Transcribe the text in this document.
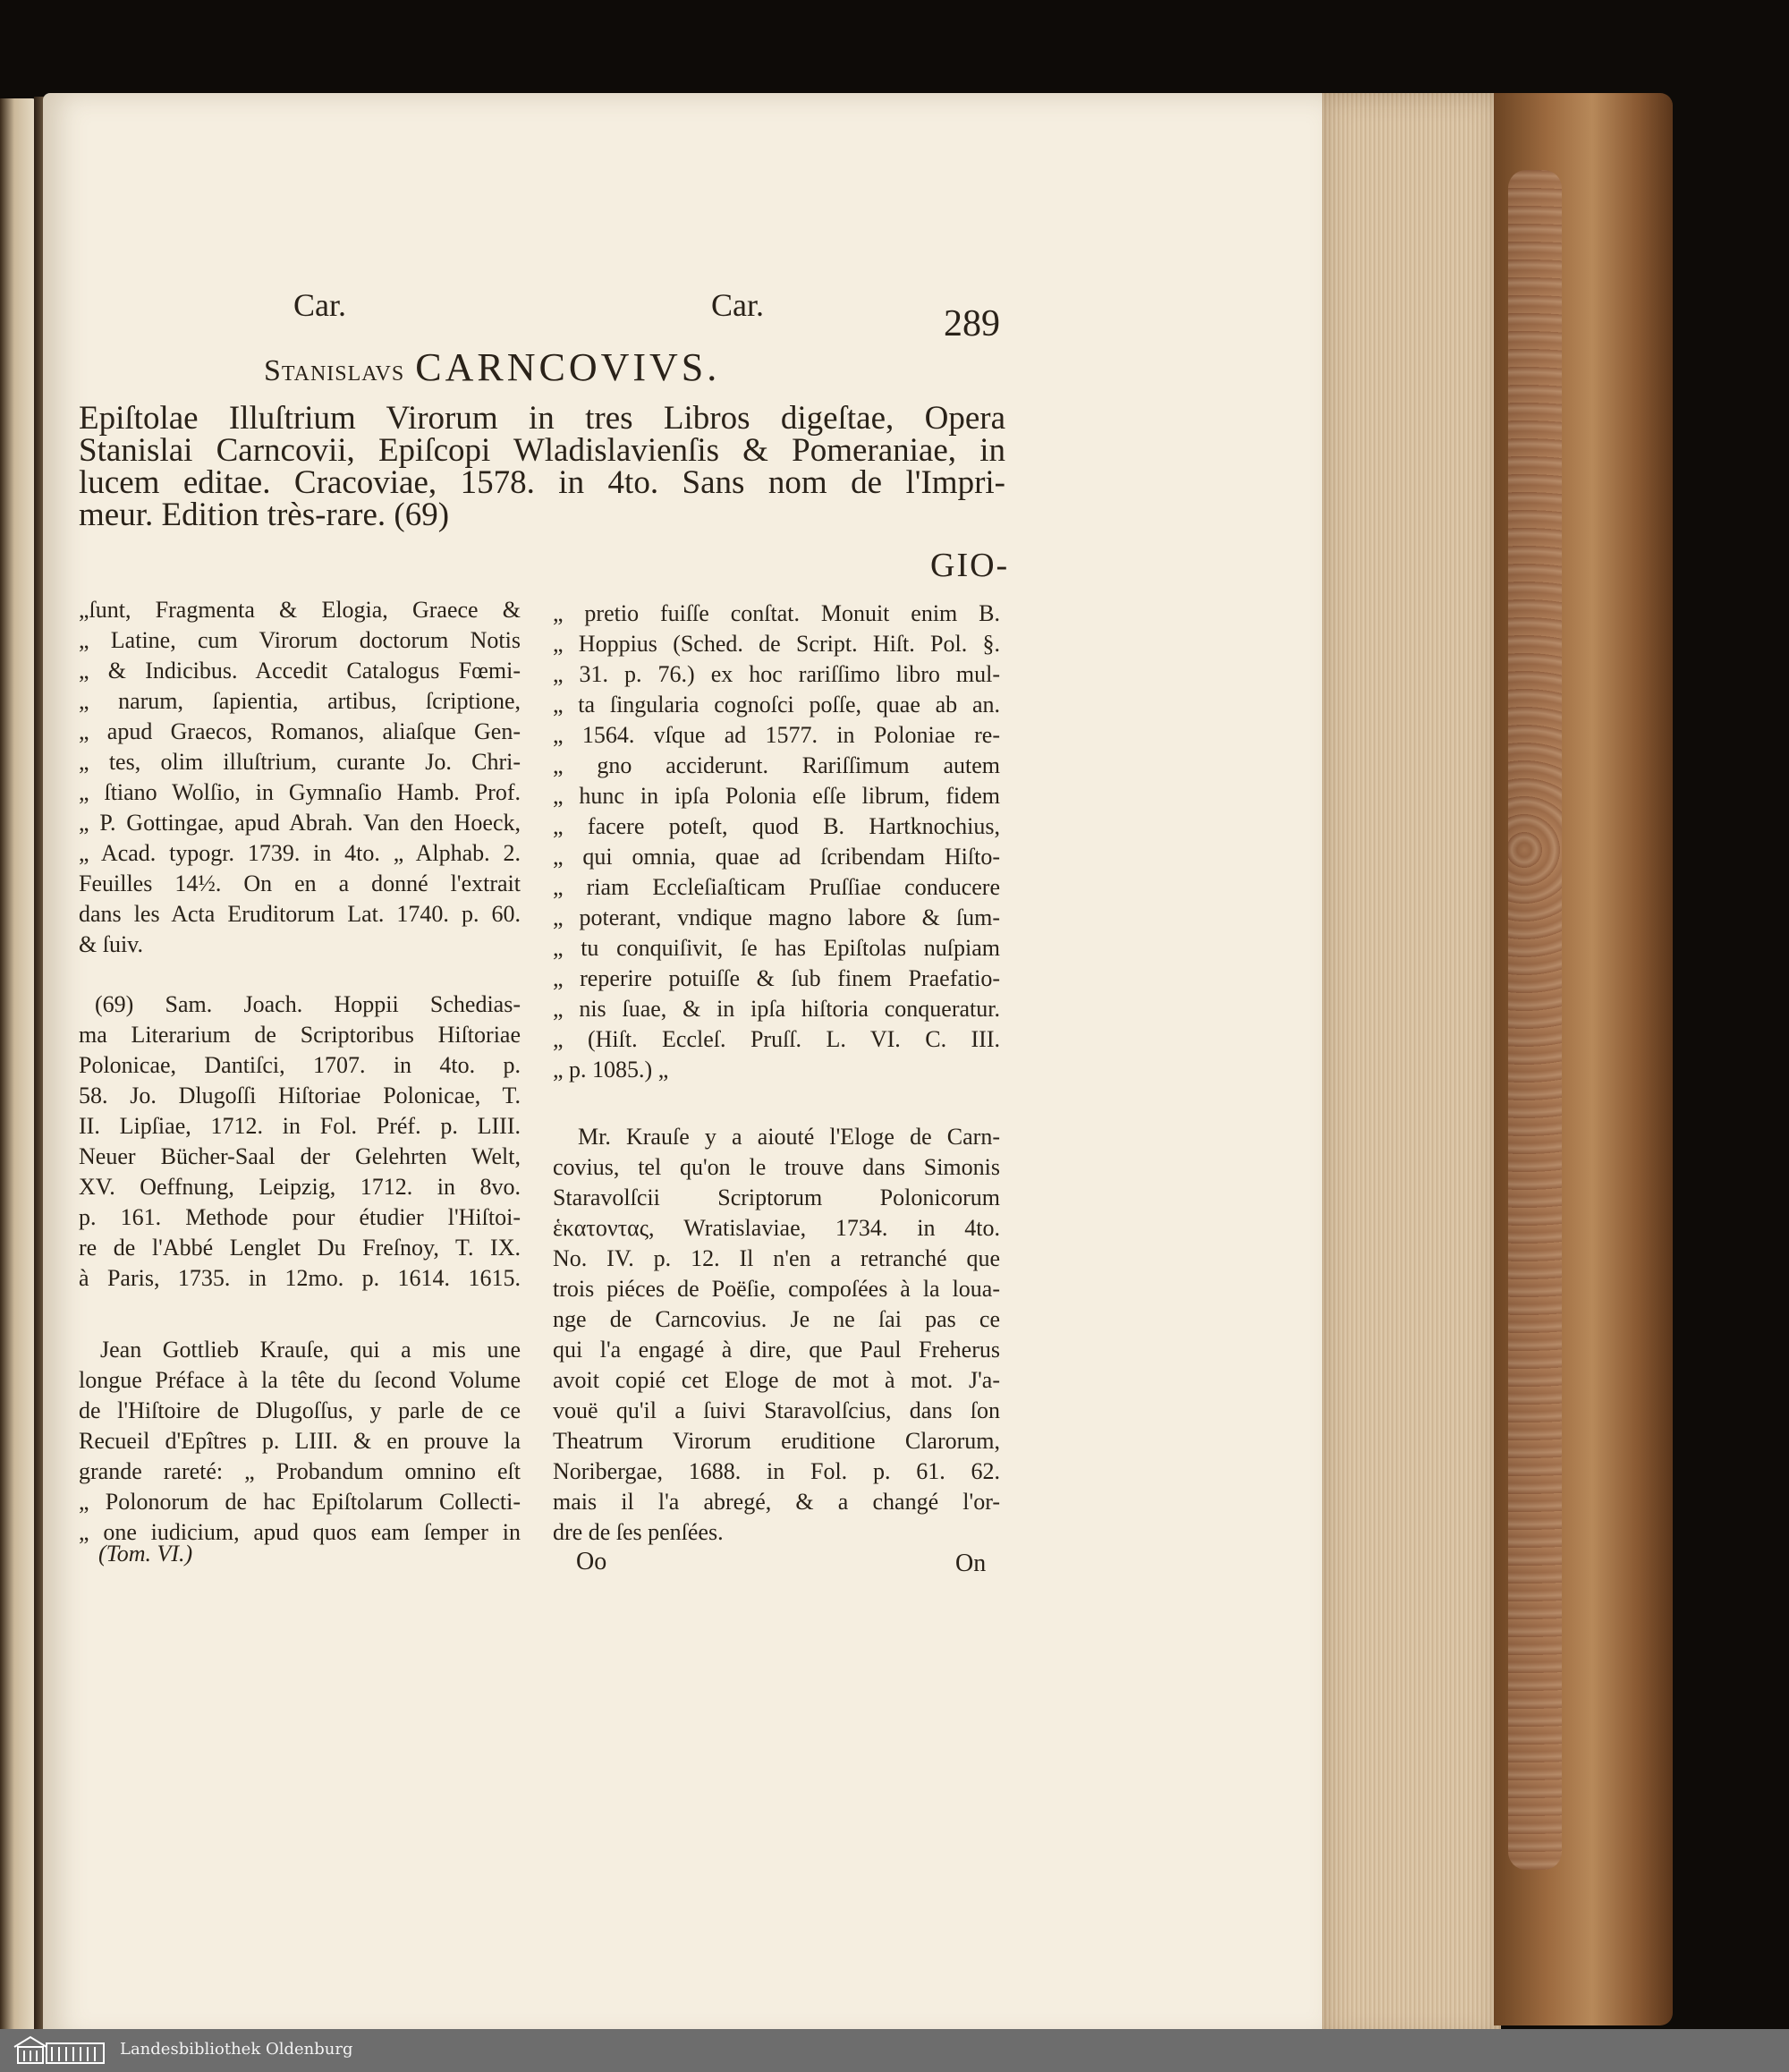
Car.	Car.	289
Stanislavs CARNCOVIVS.
Epiſtolae Illuſtrium Virorum in tres Libros digeſtae, Opera
Stanislai Carncovii, Epiſcopi Wladislavienſis & Pomeraniae, in
lucem editae. Cracoviae, 1578. in 4to. Sans nom de l'Impri-
meur. Edition très-rare. (69)
GIO-
„ſunt, Fragmenta & Elogia, Graece &
„ Latine, cum Virorum doctorum Notis
„ & Indicibus. Accedit Catalogus Fœmi-
„ narum, ſapientia, artibus, ſcriptione,
„ apud Graecos, Romanos, aliaſque Gen-
„ tes, olim illuſtrium, curante Jo. Chri-
„ ſtiano Wolſio, in Gymnaſio Hamb. Prof.
„ P. Gottingae, apud Abrah. Van den Hoeck,
„ Acad. typogr. 1739. in 4to. „ Alphab. 2.
Feuilles 14½. On en a donné l'extrait
dans les Acta Eruditorum Lat. 1740. p. 60.
& ſuiv.
(69) Sam. Joach. Hoppii Schedias-
ma Literarium de Scriptoribus Hiſtoriae
Polonicae, Dantiſci, 1707. in 4to. p.
58. Jo. Dlugoſſi Hiſtoriae Polonicae, T.
II. Lipſiae, 1712. in Fol. Préf. p. LIII.
Neuer Bücher-Saal der Gelehrten Welt,
XV. Oeffnung, Leipzig, 1712. in 8vo.
p. 161. Methode pour étudier l'Hiſtoi-
re de l'Abbé Lenglet Du Freſnoy, T. IX.
à Paris, 1735. in 12mo. p. 1614. 1615.
Jean Gottlieb Krauſe, qui a mis une
longue Préface à la tête du ſecond Volume
de l'Hiſtoire de Dlugoſſus, y parle de ce
Recueil d'Epîtres p. LIII. & en prouve la
grande rareté: „ Probandum omnino eſt
„ Polonorum de hac Epiſtolarum Collecti-
„ one iudicium, apud quos eam ſemper in
„ pretio fuiſſe conſtat. Monuit enim B.
„ Hoppius (Sched. de Script. Hiſt. Pol. §.
„ 31. p. 76.) ex hoc rariſſimo libro mul-
„ ta ſingularia cognoſci poſſe, quae ab an.
„ 1564. vſque ad 1577. in Poloniae re-
„ gno acciderunt. Rariſſimum autem
„ hunc in ipſa Polonia eſſe librum, fidem
„ facere poteſt, quod B. Hartknochius,
„ qui omnia, quae ad ſcribendam Hiſto-
„ riam Eccleſiaſticam Pruſſiae conducere
„ poterant, vndique magno labore & ſum-
„ tu conquiſivit, ſe has Epiſtolas nuſpiam
„ reperire potuiſſe & ſub finem Praefatio-
„ nis ſuae, & in ipſa hiſtoria conqueratur.
„ (Hiſt. Eccleſ. Pruſſ. L. VI. C. III.
„ p. 1085.) „
Mr. Krauſe y a aiouté l'Eloge de Carn-
covius, tel qu'on le trouve dans Simonis
Staravolſcii Scriptorum Polonicorum
ἑκατοντας, Wratislaviae, 1734. in 4to.
No. IV. p. 12. Il n'en a retranché que
trois piéces de Poëſie, compoſées à la loua-
nge de Carncovius. Je ne ſai pas ce
qui l'a engagé à dire, que Paul Freherus
avoit copié cet Eloge de mot à mot. J'a-
vouë qu'il a ſuivi Staravolſcius, dans ſon
Theatrum Virorum eruditione Clarorum,
Noribergae, 1688. in Fol. p. 61. 62.
mais il l'a abregé, & a changé l'or-
dre de ſes penſées.
(Tom. VI.)	Oo	On
Landesbibliothek Oldenburg
